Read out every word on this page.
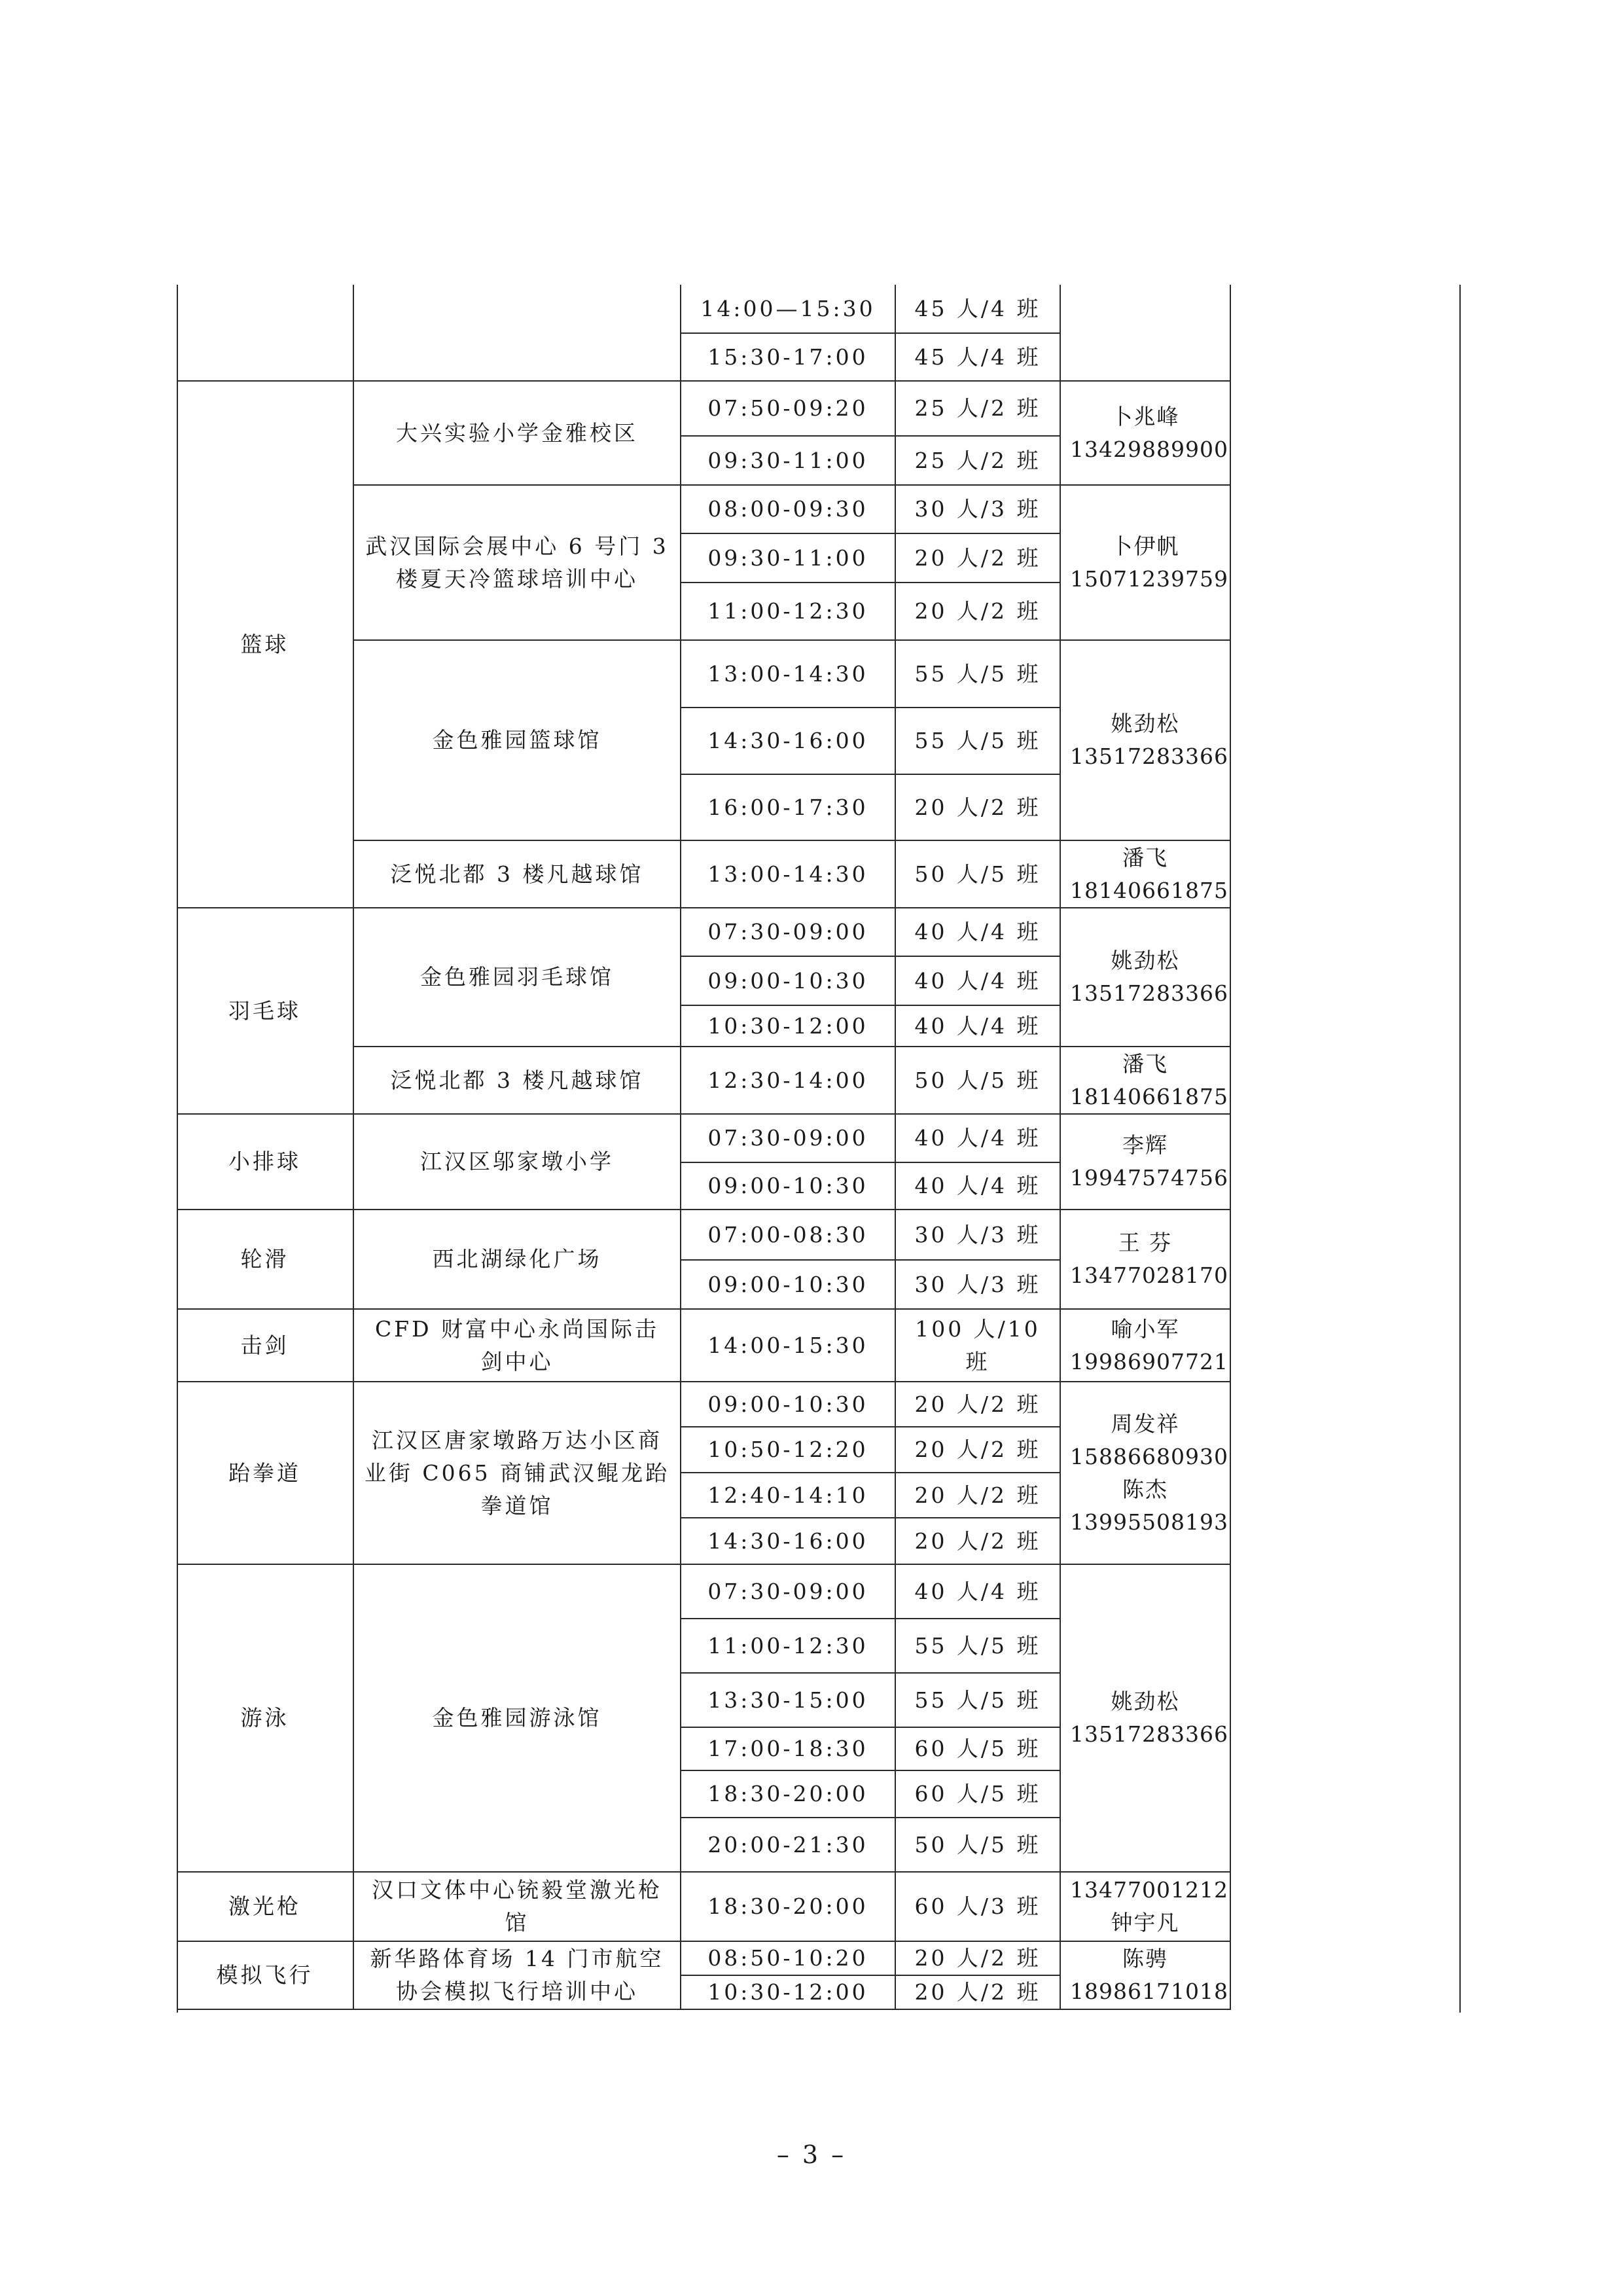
		14:00—15:30	45 人/4 班	
		15:30-17:00	45 人/4 班	
篮球	大兴实验小学金雅校区	07:50-09:20	25 人/2 班	卜兆峰
13429889900

		09:30-11:00	25 人/2 班	
	武汉国际会展中心 6 号门 3 楼夏天冷篮球培训中心	08:00-09:30	30 人/3 班	卜伊帆
15071239759

		09:30-11:00	20 人/2 班	
		11:00-12:30	20 人/2 班	
	金色雅园篮球馆	13:00-14:30	55 人/5 班	姚劲松
13517283366

		14:30-16:00	55 人/5 班	
		16:00-17:30	20 人/2 班	
	泛悦北都 3 楼凡越球馆	13:00-14:30	50 人/5 班	潘飞
18140661875

羽毛球	金色雅园羽毛球馆	07:30-09:00	40 人/4 班	姚劲松
13517283366

		09:00-10:30	40 人/4 班	
		10:30-12:00	40 人/4 班	
	泛悦北都 3 楼凡越球馆	12:30-14:00	50 人/5 班	潘飞
18140661875

小排球	江汉区邬家墩小学	07:30-09:00	40 人/4 班	李辉
19947574756

		09:00-10:30	40 人/4 班	
轮滑	西北湖绿化广场	07:00-08:30	30 人/3 班	王 芬
13477028170

		09:00-10:30	30 人/3 班	
击剑	CFD 财富中心永尚国际击剑中心	14:00-15:30	100 人/10 班	喻小军
19986907721

跆拳道	江汉区唐家墩路万达小区商业街 C065 商铺武汉鲲龙跆拳道馆	09:00-10:30	20 人/2 班	周发祥
15886680930
陈杰
13995508193

		10:50-12:20	20 人/2 班	
		12:40-14:10	20 人/2 班	
		14:30-16:00	20 人/2 班	
游泳	金色雅园游泳馆	07:30-09:00	40 人/4 班	姚劲松
13517283366

		11:00-12:30	55 人/5 班	
		13:30-15:00	55 人/5 班	
		17:00-18:30	60 人/5 班	
		18:30-20:00	60 人/5 班	
		20:00-21:30	50 人/5 班	
激光枪	汉口文体中心铳毅堂激光枪馆	18:30-20:00	60 人/3 班	13477001212
钟宇凡

模拟飞行	新华路体育场 14 门市航空协会模拟飞行培训中心	08:50-10:20	20 人/2 班	陈骋
18986171018

		10:30-12:00	20 人/2 班	
– 3 –
